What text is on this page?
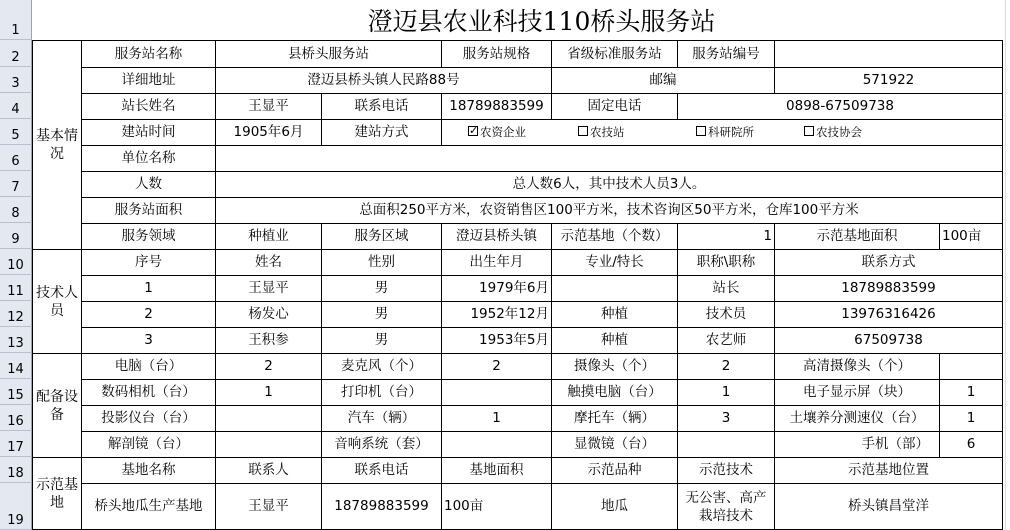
1
2
3
4
5
6
7
8
9
10
11
12
13
14
15
16
17
18
19
澄迈县农业科技110桥头服务站
基本情况	服务站名称	县桥头服务站		服务站规格	省级标准服务站	服务站编号		
	详细地址	澄迈县桥头镇人民路88号			邮编		571922	
	站长姓名	王显平	联系电话	18789883599	固定电话	0898-67509738		
	建站时间	1905年6月	建站方式	✓农资企业 农技站 科研院所 农技协会
	单位名称							
	人数	总人数6人，其中技术人员3人。						
	服务站面积	总面积250平方米，农资销售区100平方米，技术咨询区50平方米，仓库100平方米						
	服务领域	种植业	服务区域	澄迈县桥头镇	示范基地（个数）	1	示范基地面积	100亩
技术人员	序号	姓名	性别	出生年月	专业/特长	职称\职称	联系方式	
	1	王显平	男	1979年6月		站长	18789883599	
	2	杨发心	男	1952年12月	种植	技术员	13976316426	
	3	王积参	男	1953年5月	种植	农艺师	67509738	
配备设备	电脑（台）	2	麦克风（个）	2	摄像头（个）	2	高清摄像头（个）	
	数码相机（台）	1	打印机（台）		触摸电脑（台）	1	电子显示屏（块）	1
	投影仪台（台）		汽车（辆）	1	摩托车（辆）	3	土壤养分测速仪（台）	1
	解剖镜（台）		音响系统（套）		显微镜（台）		手机（部）	6
示范基地	基地名称	联系人	联系电话	基地面积	示范品种	示范技术	示范基地位置	
	桥头地瓜生产基地	王显平	18789883599	100亩	地瓜	无公害、高产栽培技术	桥头镇昌堂洋	
